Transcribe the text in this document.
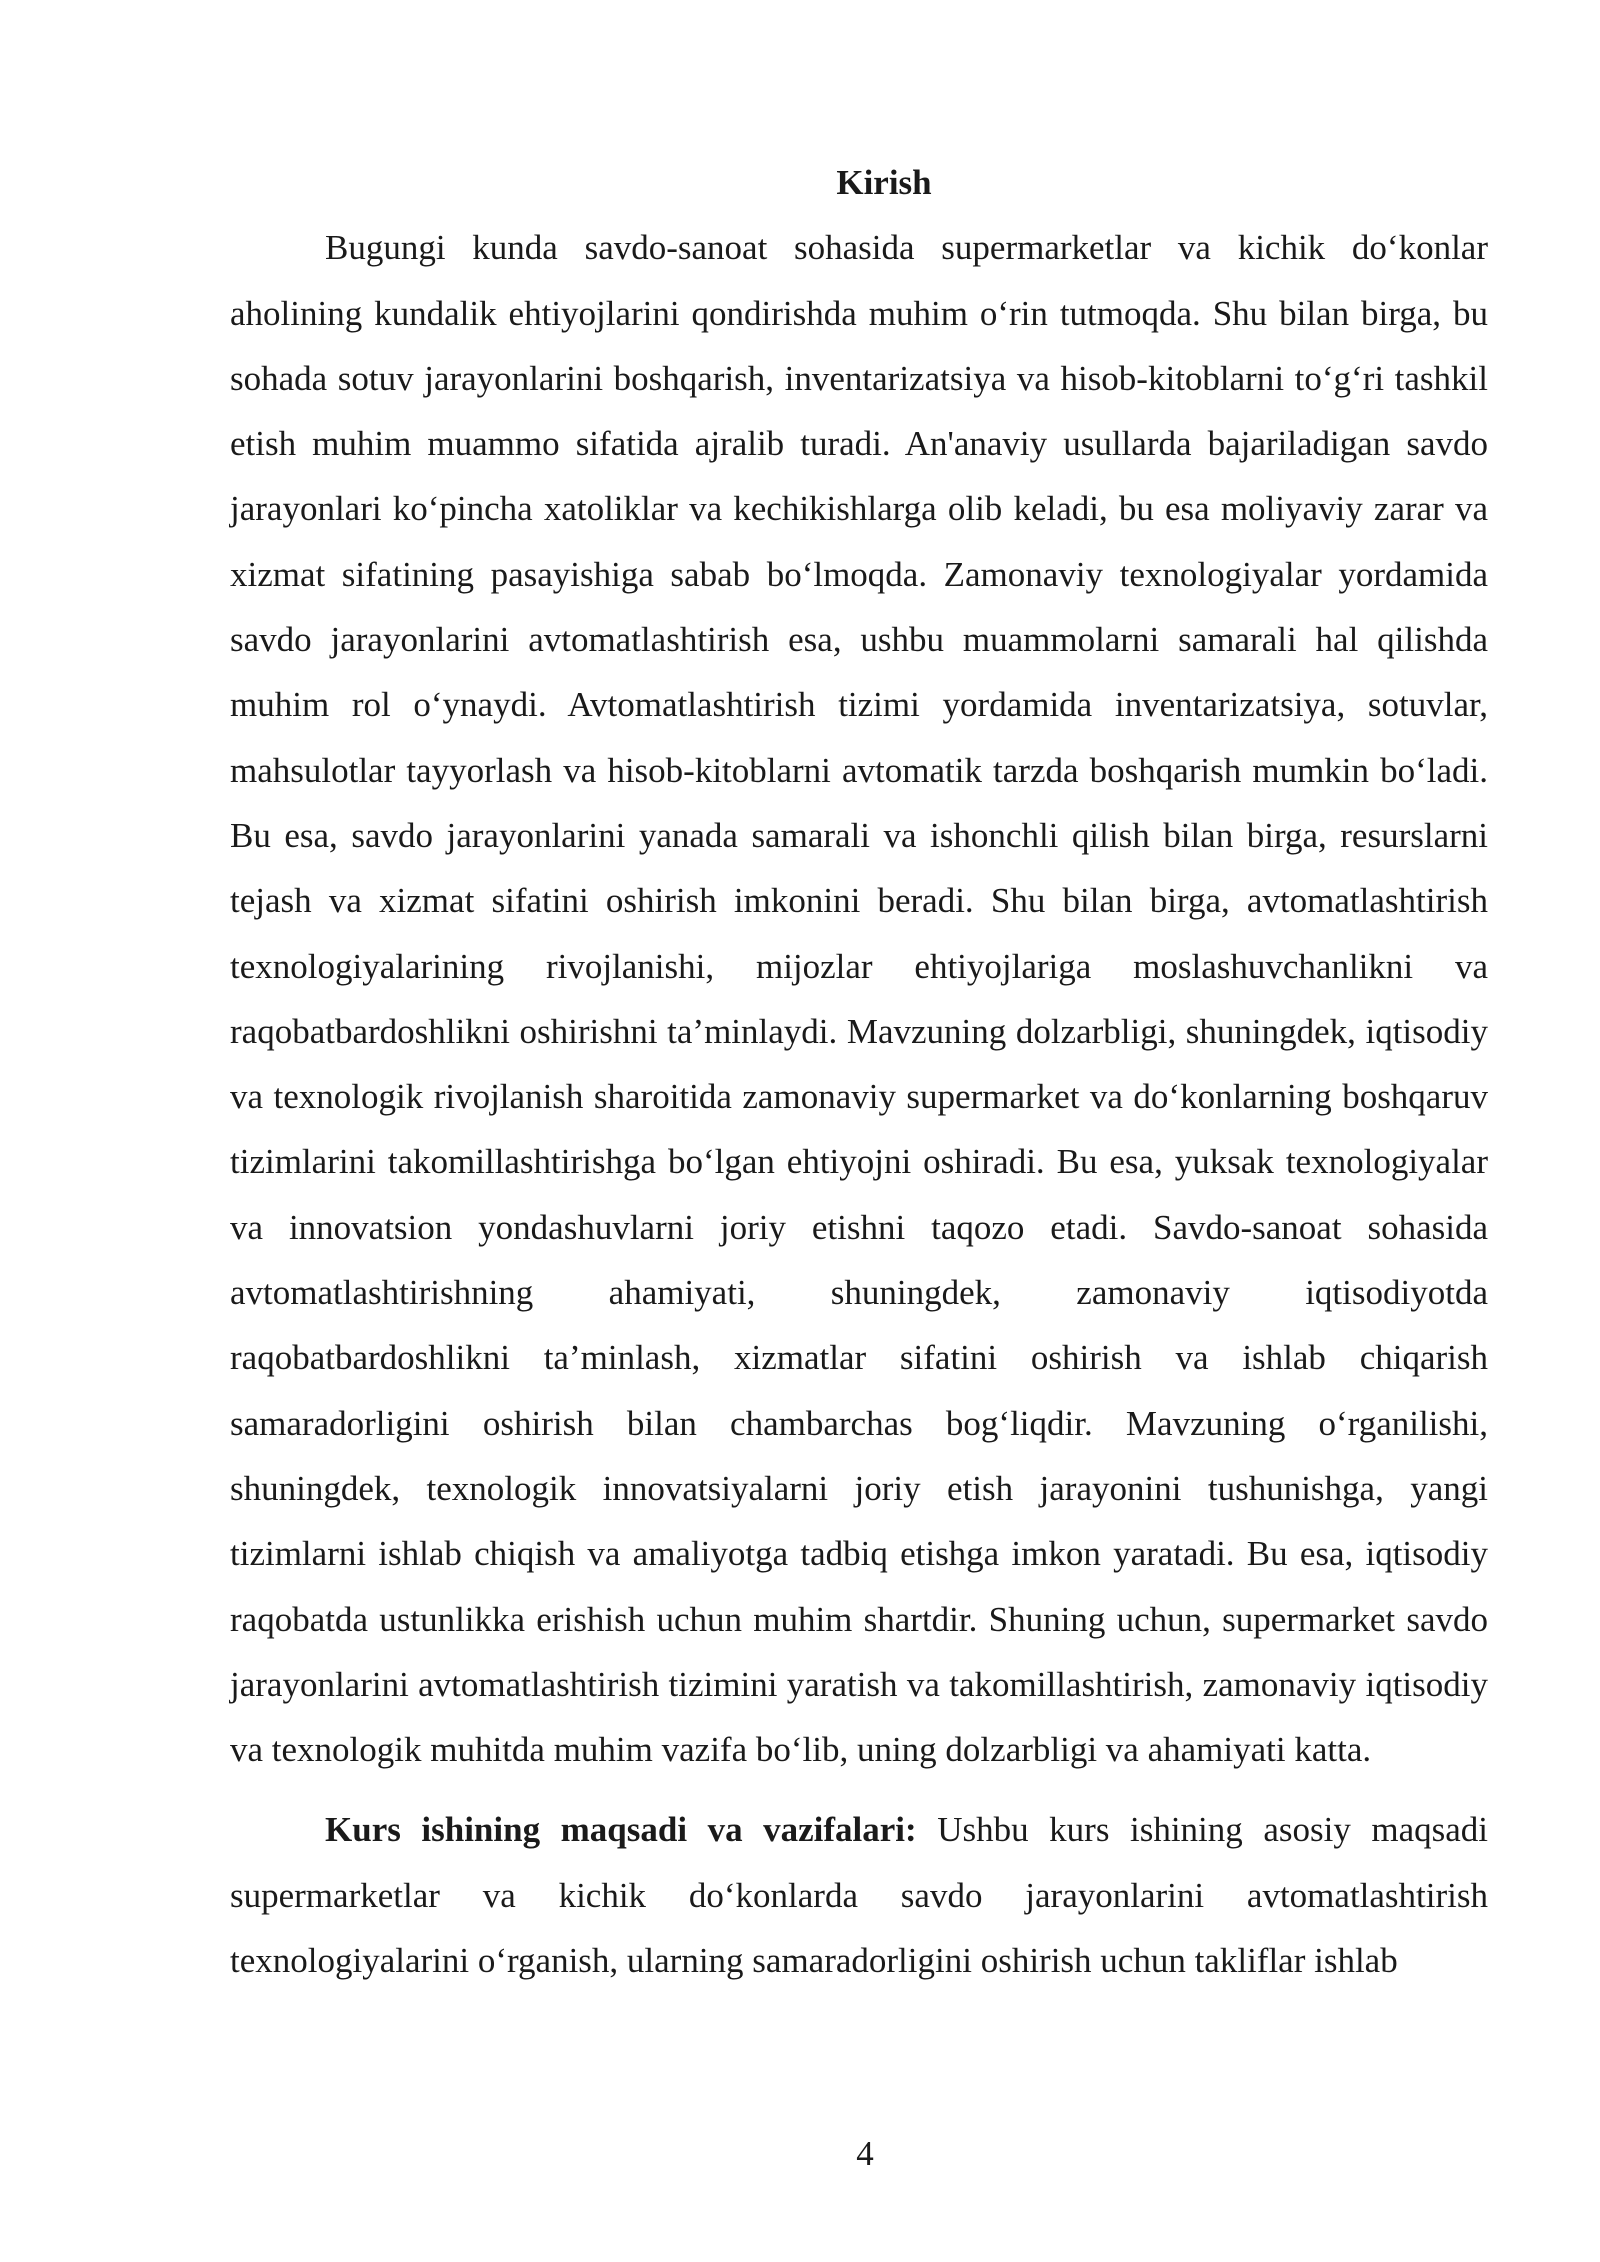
Kirish

Bugungi kunda savdo-sanoat sohasida supermarketlar va kichik do‘konlar aholining kundalik ehtiyojlarini qondirishda muhim o‘rin tutmoqda. Shu bilan birga, bu sohada sotuv jarayonlarini boshqarish, inventarizatsiya va hisob-kitoblarni to‘g‘ri tashkil etish muhim muammo sifatida ajralib turadi. An'anaviy usullarda bajariladigan savdo jarayonlari ko‘pincha xatoliklar va kechikishlarga olib keladi, bu esa moliyaviy zarar va xizmat sifatining pasayishiga sabab bo‘lmoqda. Zamonaviy texnologiyalar yordamida savdo jarayonlarini avtomatlashtirish esa, ushbu muammolarni samarali hal qilishda muhim rol o‘ynaydi. Avtomatlashtirish tizimi yordamida inventarizatsiya, sotuvlar, mahsulotlar tayyorlash va hisob-kitoblarni avtomatik tarzda boshqarish mumkin bo‘ladi. Bu esa, savdo jarayonlarini yanada samarali va ishonchli qilish bilan birga, resurslarni tejash va xizmat sifatini oshirish imkonini beradi. Shu bilan birga, avtomatlashtirish texnologiyalarining rivojlanishi, mijozlar ehtiyojlariga moslashuvchanlikni va raqobatbardoshlikni oshirishni ta’minlaydi. Mavzuning dolzarbligi, shuningdek, iqtisodiy va texnologik rivojlanish sharoitida zamonaviy supermarket va do‘konlarning boshqaruv tizimlarini takomillashtirishga bo‘lgan ehtiyojni oshiradi. Bu esa, yuksak texnologiyalar va innovatsion yondashuvlarni joriy etishni taqozo etadi. Savdo-sanoat sohasida avtomatlashtirishning ahamiyati, shuningdek, zamonaviy iqtisodiyotda raqobatbardoshlikni ta’minlash, xizmatlar sifatini oshirish va ishlab chiqarish samaradorligini oshirish bilan chambarchas bog‘liqdir. Mavzuning o‘rganilishi, shuningdek, texnologik innovatsiyalarni joriy etish jarayonini tushunishga, yangi tizimlarni ishlab chiqish va amaliyotga tadbiq etishga imkon yaratadi. Bu esa, iqtisodiy raqobatda ustunlikka erishish uchun muhim shartdir. Shuning uchun, supermarket savdo jarayonlarini avtomatlashtirish tizimini yaratish va takomillashtirish, zamonaviy iqtisodiy va texnologik muhitda muhim vazifa bo‘lib, uning dolzarbligi va ahamiyati katta.

Kurs ishining maqsadi va vazifalari: Ushbu kurs ishining asosiy maqsadi supermarketlar va kichik do‘konlarda savdo jarayonlarini avtomatlashtirish texnologiyalarini o‘rganish, ularning samaradorligini oshirish uchun takliflar ishlab

4
